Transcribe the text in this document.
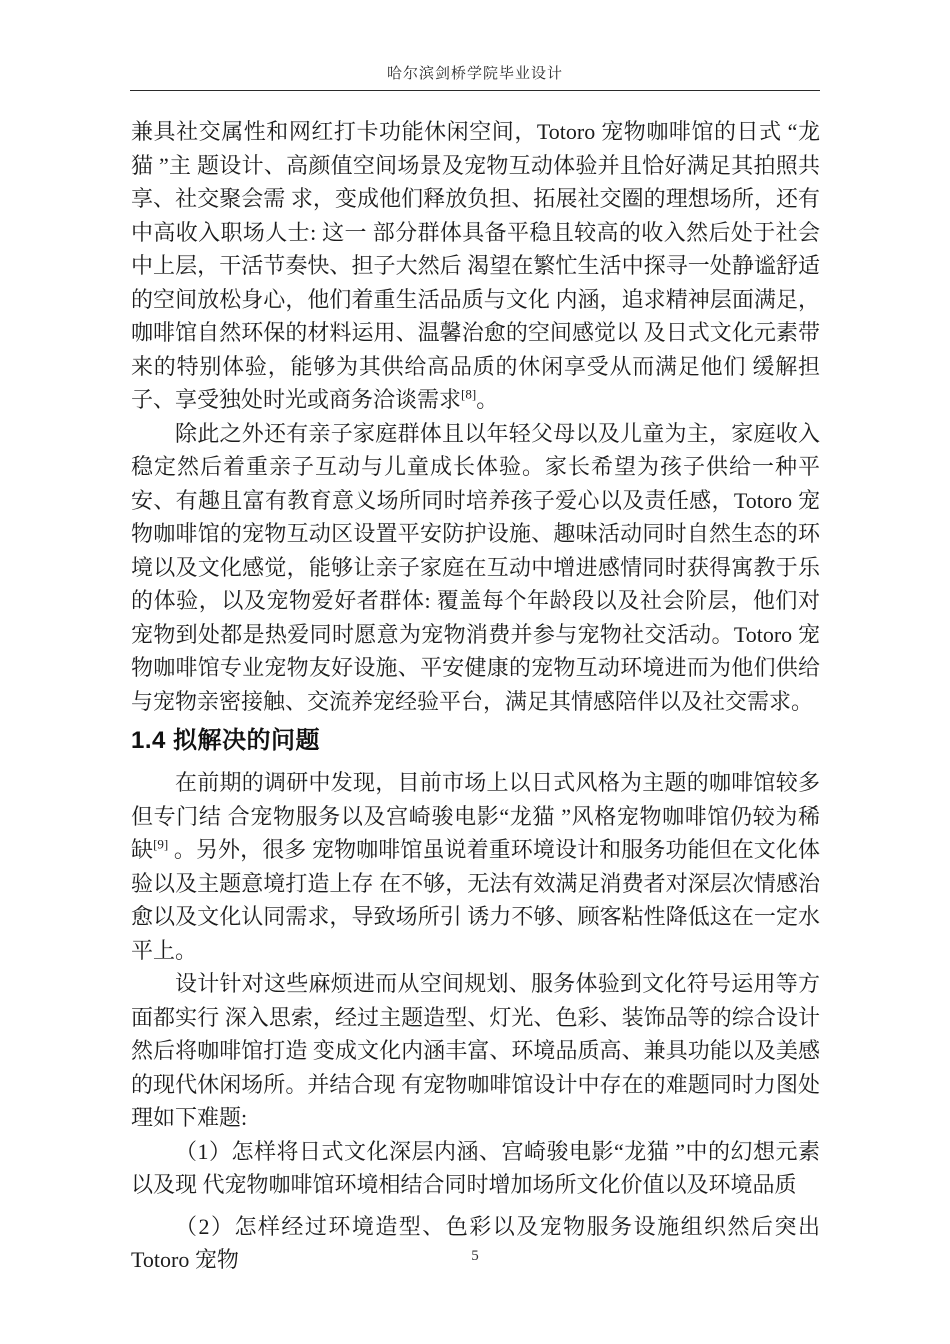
哈尔滨剑桥学院毕业设计

兼具社交属性和网红打卡功能休闲空间，Totoro 宠物咖啡馆的日式 “龙猫 ”主 题设计、高颜值空间场景及宠物互动体验并且恰好满足其拍照共享、社交聚会需 求，变成他们释放负担、拓展社交圈的理想场所，还有中高收入职场人士: 这一 部分群体具备平稳且较高的收入然后处于社会中上层，干活节奏快、担子大然后 渴望在繁忙生活中探寻一处静谧舒适的空间放松身心，他们着重生活品质与文化 内涵，追求精神层面满足，咖啡馆自然环保的材料运用、温馨治愈的空间感觉以 及日式文化元素带来的特别体验，能够为其供给高品质的休闲享受从而满足他们 缓解担子、享受独处时光或商务洽谈需求[8]。

除此之外还有亲子家庭群体且以年轻父母以及儿童为主，家庭收入稳定然后着重亲子互动与儿童成长体验。家长希望为孩子供给一种平安、有趣且富有教育意义场所同时培养孩子爱心以及责任感，Totoro 宠物咖啡馆的宠物互动区设置平安防护设施、趣味活动同时自然生态的环境以及文化感觉，能够让亲子家庭在互动中增进感情同时获得寓教于乐的体验，以及宠物爱好者群体: 覆盖每个年龄段以及社会阶层，他们对宠物到处都是热爱同时愿意为宠物消费并参与宠物社交活动。Totoro 宠物咖啡馆专业宠物友好设施、平安健康的宠物互动环境进而为他们供给与宠物亲密接触、交流养宠经验平台，满足其情感陪伴以及社交需求。

1.4 拟解决的问题

在前期的调研中发现，目前市场上以日式风格为主题的咖啡馆较多但专门结 合宠物服务以及宫崎骏电影“龙猫 ”风格宠物咖啡馆仍较为稀缺[9] 。另外，很多 宠物咖啡馆虽说着重环境设计和服务功能但在文化体验以及主题意境打造上存 在不够，无法有效满足消费者对深层次情感治愈以及文化认同需求，导致场所引 诱力不够、顾客粘性降低这在一定水平上。

设计针对这些麻烦进而从空间规划、服务体验到文化符号运用等方面都实行 深入思索，经过主题造型、灯光、色彩、装饰品等的综合设计然后将咖啡馆打造 变成文化内涵丰富、环境品质高、兼具功能以及美感的现代休闲场所。并结合现 有宠物咖啡馆设计中存在的难题同时力图处理如下难题:

（1）怎样将日式文化深层内涵、宫崎骏电影“龙猫 ”中的幻想元素以及现 代宠物咖啡馆环境相结合同时增加场所文化价值以及环境品质

（2）怎样经过环境造型、色彩以及宠物服务设施组织然后突出 Totoro 宠物	5
